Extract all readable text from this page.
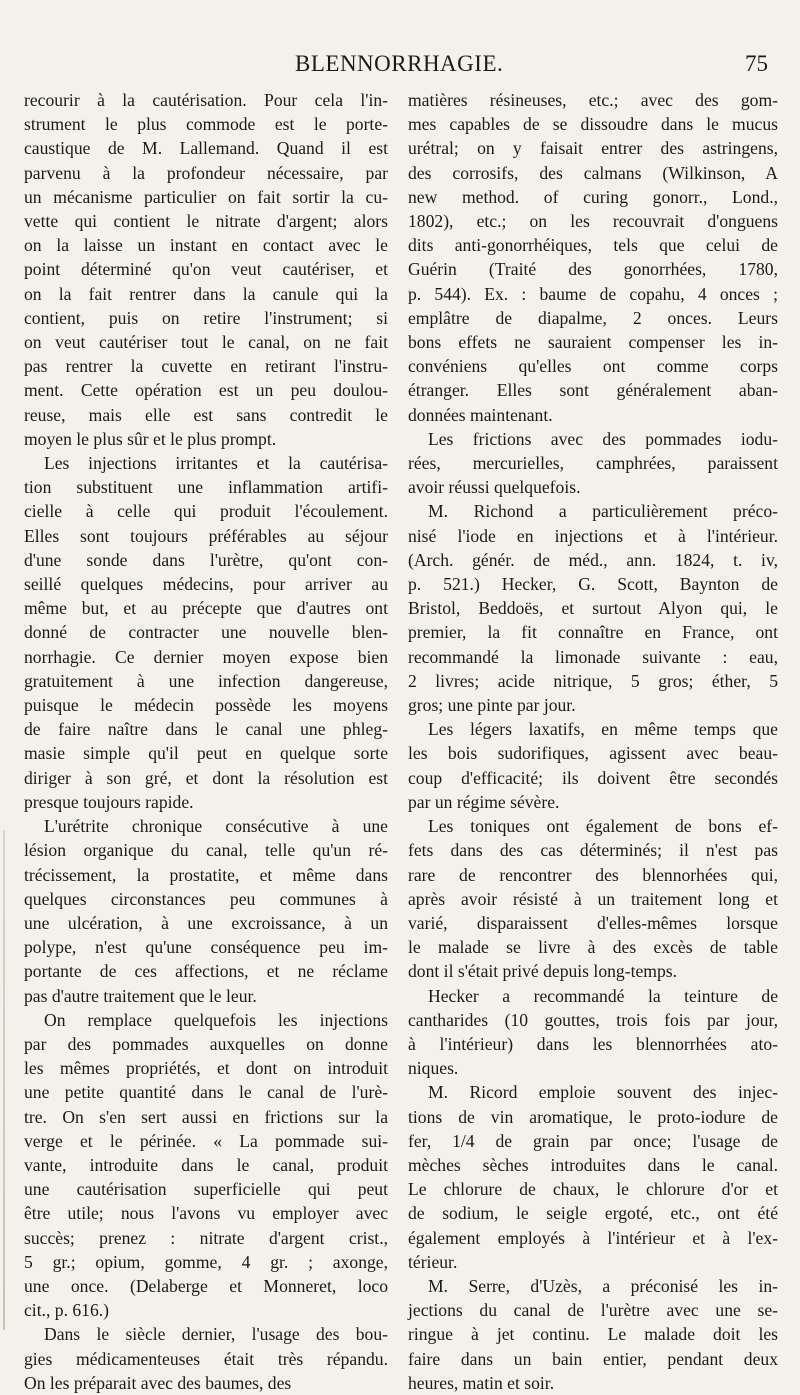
BLENNORRHAGIE.	75

recourir à la cautérisation. Pour cela l'in-
strument le plus commode est le porte-
caustique de M. Lallemand. Quand il est
parvenu à la profondeur nécessaire, par
un mécanisme particulier on fait sortir la cu-
vette qui contient le nitrate d'argent; alors
on la laisse un instant en contact avec le
point déterminé qu'on veut cautériser, et
on la fait rentrer dans la canule qui la
contient, puis on retire l'instrument; si
on veut cautériser tout le canal, on ne fait
pas rentrer la cuvette en retirant l'instru-
ment. Cette opération est un peu doulou-
reuse, mais elle est sans contredit le
moyen le plus sûr et le plus prompt.

Les injections irritantes et la cautérisa-
tion substituent une inflammation artifi-
cielle à celle qui produit l'écoulement.
Elles sont toujours préférables au séjour
d'une sonde dans l'urètre, qu'ont con-
seillé quelques médecins, pour arriver au
même but, et au précepte que d'autres ont
donné de contracter une nouvelle blen-
norrhagie. Ce dernier moyen expose bien
gratuitement à une infection dangereuse,
puisque le médecin possède les moyens
de faire naître dans le canal une phleg-
masie simple qu'il peut en quelque sorte
diriger à son gré, et dont la résolution est
presque toujours rapide.

L'urétrite chronique consécutive à une
lésion organique du canal, telle qu'un ré-
trécissement, la prostatite, et même dans
quelques circonstances peu communes à
une ulcération, à une excroissance, à un
polype, n'est qu'une conséquence peu im-
portante de ces affections, et ne réclame
pas d'autre traitement que le leur.

On remplace quelquefois les injections
par des pommades auxquelles on donne
les mêmes propriétés, et dont on introduit
une petite quantité dans le canal de l'urè-
tre. On s'en sert aussi en frictions sur la
verge et le périnée. « La pommade sui-
vante, introduite dans le canal, produit
une cautérisation superficielle qui peut
être utile; nous l'avons vu employer avec
succès; prenez : nitrate d'argent crist.,
5 gr.; opium, gomme, 4 gr. ; axonge,
une once. (Delaberge et Monneret, loco
cit., p. 616.)

Dans le siècle dernier, l'usage des bou-
gies médicamenteuses était très répandu.
On les préparait avec des baumes, des

matières résineuses, etc.; avec des gom-
mes capables de se dissoudre dans le mucus
urétral; on y faisait entrer des astringens,
des corrosifs, des calmans (Wilkinson, A
new method. of curing gonorr., Lond.,
1802), etc.; on les recouvrait d'onguens
dits anti-gonorrhéiques, tels que celui de
Guérin (Traité des gonorrhées, 1780,
p. 544). Ex. : baume de copahu, 4 onces ;
emplâtre de diapalme, 2 onces. Leurs
bons effets ne sauraient compenser les in-
convéniens qu'elles ont comme corps
étranger. Elles sont généralement aban-
données maintenant.

Les frictions avec des pommades iodu-
rées, mercurielles, camphrées, paraissent
avoir réussi quelquefois.

M. Richond a particulièrement préco-
nisé l'iode en injections et à l'intérieur.
(Arch. génér. de méd., ann. 1824, t. iv,
p. 521.) Hecker, G. Scott, Baynton de
Bristol, Beddoës, et surtout Alyon qui, le
premier, la fit connaître en France, ont
recommandé la limonade suivante : eau,
2 livres; acide nitrique, 5 gros; éther, 5
gros; une pinte par jour.

Les légers laxatifs, en même temps que
les bois sudorifiques, agissent avec beau-
coup d'efficacité; ils doivent être secondés
par un régime sévère.

Les toniques ont également de bons ef-
fets dans des cas déterminés; il n'est pas
rare de rencontrer des blennorhées qui,
après avoir résisté à un traitement long et
varié, disparaissent d'elles-mêmes lorsque
le malade se livre à des excès de table
dont il s'était privé depuis long-temps.

Hecker a recommandé la teinture de
cantharides (10 gouttes, trois fois par jour,
à l'intérieur) dans les blennorrhées ato-
niques.

M. Ricord emploie souvent des injec-
tions de vin aromatique, le proto-iodure de
fer, 1/4 de grain par once; l'usage de
mèches sèches introduites dans le canal.
Le chlorure de chaux, le chlorure d'or et
de sodium, le seigle ergoté, etc., ont été
également employés à l'intérieur et à l'ex-
térieur.

M. Serre, d'Uzès, a préconisé les in-
jections du canal de l'urètre avec une se-
ringue à jet continu. Le malade doit les
faire dans un bain entier, pendant deux
heures, matin et soir.
